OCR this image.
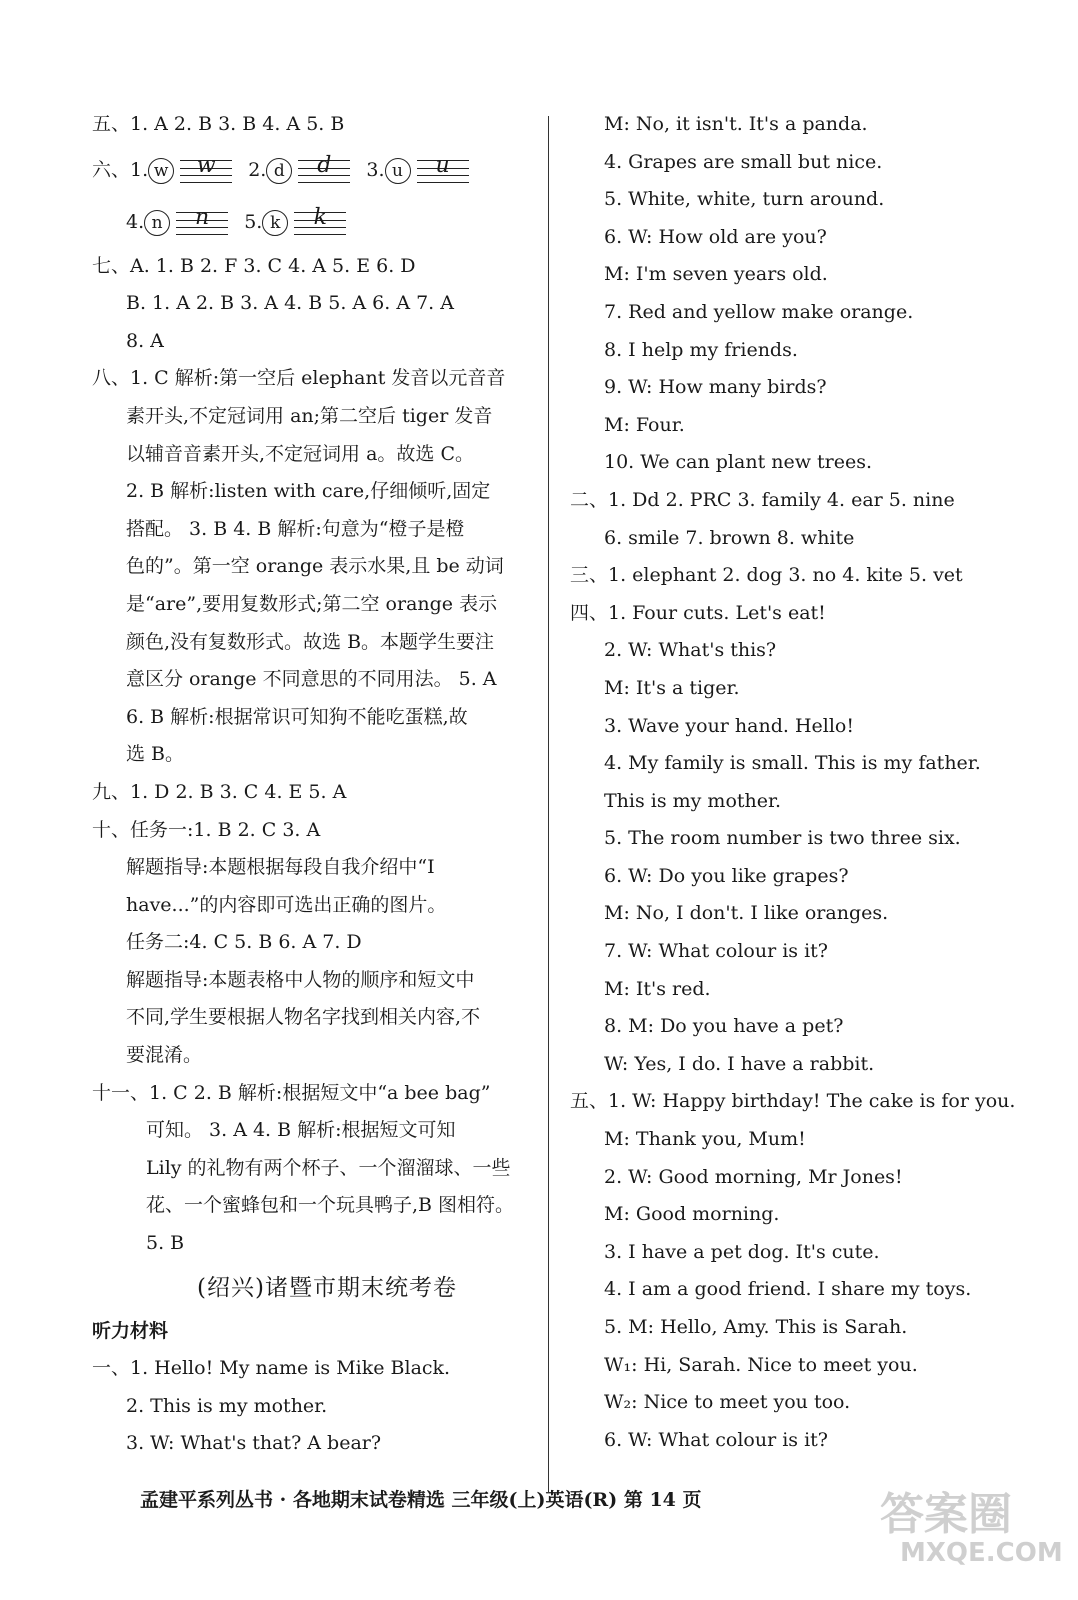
五、1. A 2. B 3. B 4. A 5. B
六、1. w	w	2. d	d	3. u	u
4. n	n	5. k	k
七、A. 1. B 2. F 3. C 4. A 5. E 6. D
B. 1. A 2. B 3. A 4. B 5. A 6. A 7. A
8. A
八、1. C 解析:第一空后 elephant 发音以元音音
素开头,不定冠词用 an;第二空后 tiger 发音
以辅音音素开头,不定冠词用 a。故选 C。
2. B 解析:listen with care,仔细倾听,固定
搭配。 3. B 4. B 解析:句意为“橙子是橙
色的”。第一空 orange 表示水果,且 be 动词
是“are”,要用复数形式;第二空 orange 表示
颜色,没有复数形式。故选 B。本题学生要注
意区分 orange 不同意思的不同用法。 5. A
6. B 解析:根据常识可知狗不能吃蛋糕,故
选 B。
九、1. D 2. B 3. C 4. E 5. A
十、任务一:1. B 2. C 3. A
解题指导:本题根据每段自我介绍中“I
have...”的内容即可选出正确的图片。
任务二:4. C 5. B 6. A 7. D
解题指导:本题表格中人物的顺序和短文中
不同,学生要根据人物名字找到相关内容,不
要混淆。
十一、1. C 2. B 解析:根据短文中“a bee bag”
可知。 3. A 4. B 解析:根据短文可知
Lily 的礼物有两个杯子、一个溜溜球、一些
花、一个蜜蜂包和一个玩具鸭子,B 图相符。
5. B
(绍兴)诸暨市期末统考卷
听力材料
一、1. Hello! My name is Mike Black.
2. This is my mother.
3. W: What's that? A bear?
M: No, it isn't. It's a panda.
4. Grapes are small but nice.
5. White, white, turn around.
6. W: How old are you?
M: I'm seven years old.
7. Red and yellow make orange.
8. I help my friends.
9. W: How many birds?
M: Four.
10. We can plant new trees.
二、1. Dd 2. PRC 3. family 4. ear 5. nine
6. smile 7. brown 8. white
三、1. elephant 2. dog 3. no 4. kite 5. vet
四、1. Four cuts. Let's eat!
2. W: What's this?
M: It's a tiger.
3. Wave your hand. Hello!
4. My family is small. This is my father.
This is my mother.
5. The room number is two three six.
6. W: Do you like grapes?
M: No, I don't. I like oranges.
7. W: What colour is it?
M: It's red.
8. M: Do you have a pet?
W: Yes, I do. I have a rabbit.
五、1. W: Happy birthday! The cake is for you.
M: Thank you, Mum!
2. W: Good morning, Mr Jones!
M: Good morning.
3. I have a pet dog. It's cute.
4. I am a good friend. I share my toys.
5. M: Hello, Amy. This is Sarah.
W₁: Hi, Sarah. Nice to meet you.
W₂: Nice to meet you too.
6. W: What colour is it?
孟建平系列丛书 · 各地期末试卷精选 三年级(上)英语(R) 第 14 页	答案圈
MXQE.COM
